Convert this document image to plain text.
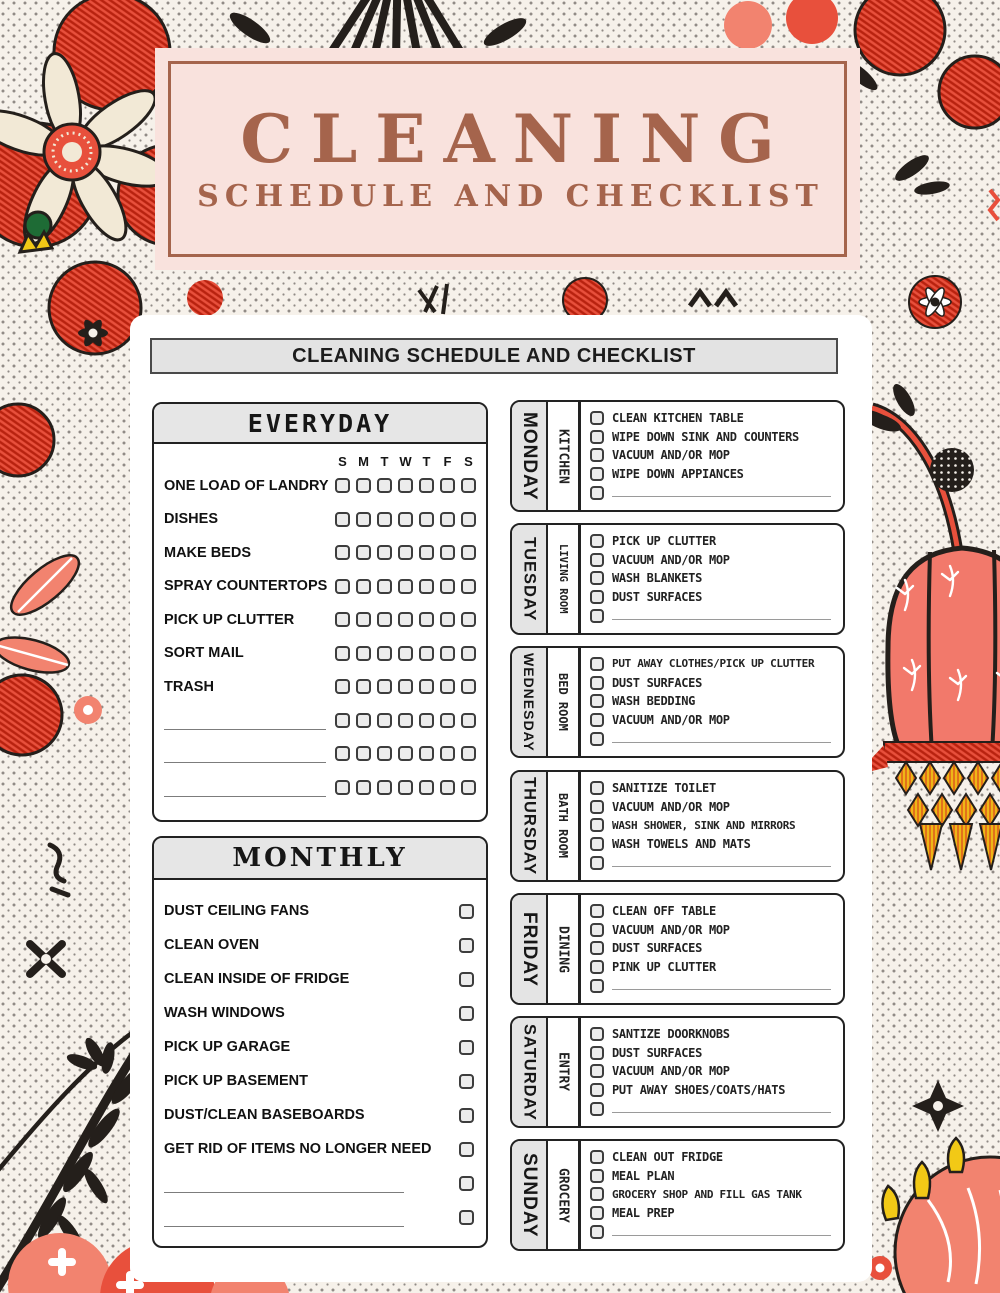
CLEANING
SCHEDULE AND CHECKLIST
CLEANING SCHEDULE AND CHECKLIST
EVERYDAY
S M T W T F S
ONE LOAD OF LANDRY
DISHES
MAKE BEDS
SPRAY COUNTERTOPS
PICK UP CLUTTER
SORT MAIL
TRASH
MONTHLY
DUST CEILING FANS
CLEAN OVEN
CLEAN INSIDE OF FRIDGE
WASH WINDOWS
PICK UP GARAGE
PICK UP BASEMENT
DUST/CLEAN BASEBOARDS
GET RID OF ITEMS NO LONGER NEED
MONDAY KITCHEN
CLEAN KITCHEN TABLE
WIPE DOWN SINK AND COUNTERS
VACUUM AND/OR MOP
WIPE DOWN APPIANCES
TUESDAY LIVING ROOM
PICK UP CLUTTER
VACUUM AND/OR MOP
WASH BLANKETS
DUST SURFACES
WEDNESDAY BED ROOM
PUT AWAY CLOTHES/PICK UP CLUTTER
DUST SURFACES
WASH BEDDING
VACUUM AND/OR MOP
THURSDAY BATH ROOM
SANITIZE TOILET
VACUUM AND/OR MOP
WASH SHOWER, SINK AND MIRRORS
WASH TOWELS AND MATS
FRIDAY DINING
CLEAN OFF TABLE
VACUUM AND/OR MOP
DUST SURFACES
PINK UP CLUTTER
SATURDAY ENTRY
SANTIZE DOORKNOBS
DUST SURFACES
VACUUM AND/OR MOP
PUT AWAY SHOES/COATS/HATS
SUNDAY GROCERY
CLEAN OUT FRIDGE
MEAL PLAN
GROCERY SHOP AND FILL GAS TANK
MEAL PREP
